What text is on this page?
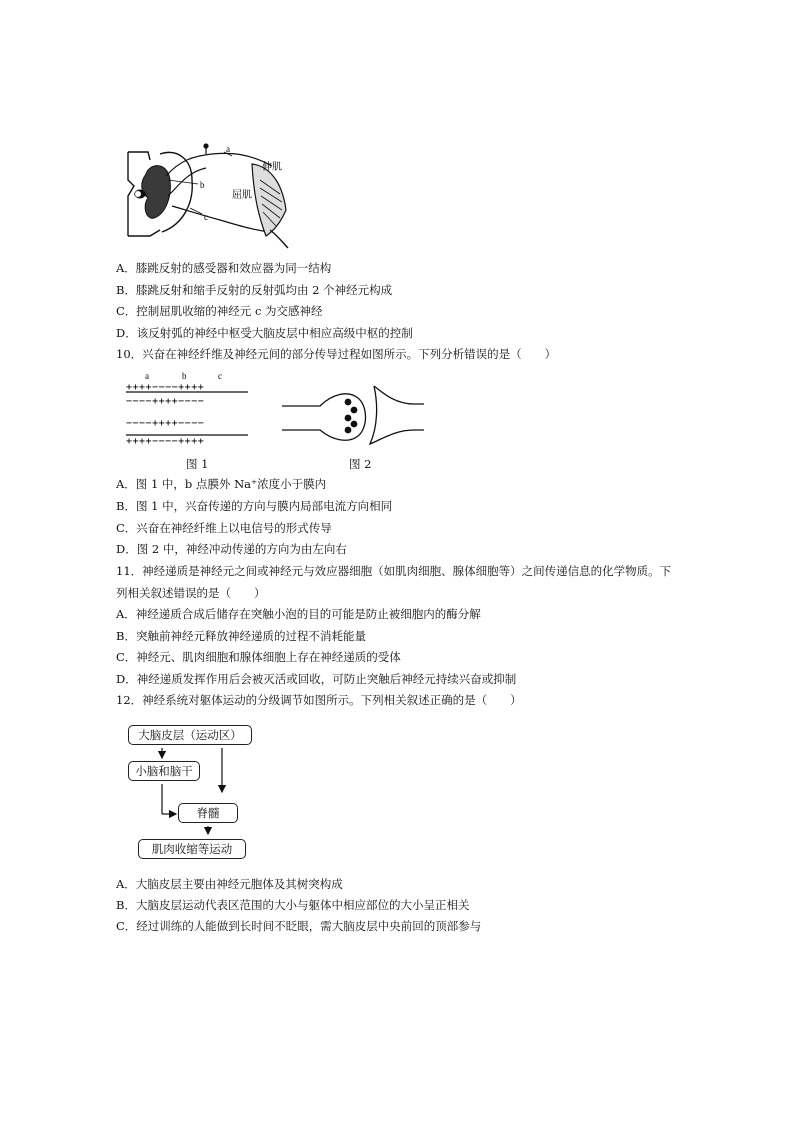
a
b
c
伸肌
屈肌
A．膝跳反射的感受器和效应器为同一结构
B．膝跳反射和缩手反射的反射弧均由 2 个神经元构成
C．控制屈肌收缩的神经元 c 为交感神经
D．该反射弧的神经中枢受大脑皮层中相应高级中枢的控制
10．兴奋在神经纤维及神经元间的部分传导过程如图所示。下列分析错误的是（　　）
a	b	c
++++−−−−++++
−−−−++++−−−−
−−−−++++−−−−
++++−−−−++++
图 1	图 2
A．图 1 中，b 点膜外 Na⁺浓度小于膜内
B．图 1 中，兴奋传递的方向与膜内局部电流方向相同
C．兴奋在神经纤维上以电信号的形式传导
D．图 2 中，神经冲动传递的方向为由左向右
11．神经递质是神经元之间或神经元与效应器细胞（如肌肉细胞、腺体细胞等）之间传递信息的化学物质。下
列相关叙述错误的是（　　）
A．神经递质合成后储存在突触小泡的目的可能是防止被细胞内的酶分解
B．突触前神经元释放神经递质的过程不消耗能量
C．神经元、肌肉细胞和腺体细胞上存在神经递质的受体
D．神经递质发挥作用后会被灭活或回收，可防止突触后神经元持续兴奋或抑制
12．神经系统对躯体运动的分级调节如图所示。下列相关叙述正确的是（　　）
大脑皮层（运动区）
小脑和脑干
脊髓
肌肉收缩等运动
A．大脑皮层主要由神经元胞体及其树突构成
B．大脑皮层运动代表区范围的大小与躯体中相应部位的大小呈正相关
C．经过训练的人能做到长时间不眨眼，需大脑皮层中央前回的顶部参与
